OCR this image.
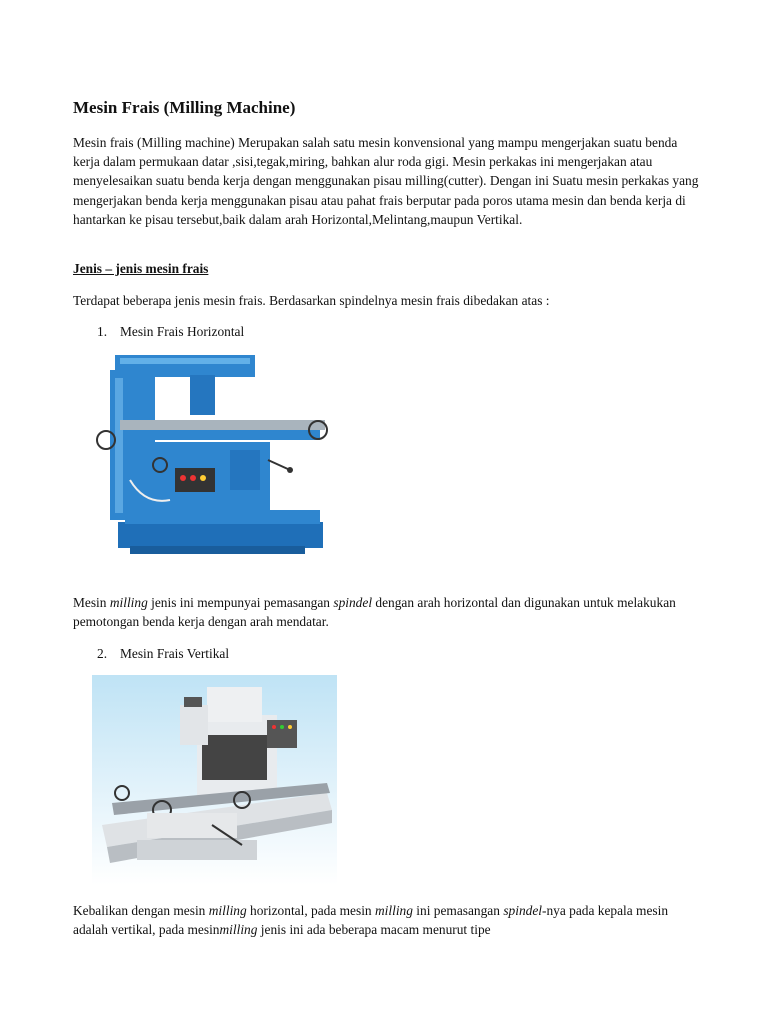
Mesin Frais (Milling Machine)

Mesin frais (Milling machine) Merupakan salah satu mesin konvensional yang mampu mengerjakan suatu benda kerja dalam permukaan datar ,sisi,tegak,miring, bahkan alur roda gigi. Mesin perkakas ini mengerjakan atau menyelesaikan suatu benda kerja dengan menggunakan pisau milling(cutter). Dengan ini Suatu mesin perkakas yang mengerjakan benda kerja menggunakan pisau atau pahat frais berputar pada poros utama mesin dan benda kerja di hantarkan ke pisau tersebut,baik dalam arah Horizontal,Melintang,maupun Vertikal.

Jenis – jenis mesin frais

Terdapat beberapa jenis mesin frais. Berdasarkan spindelnya mesin frais dibedakan atas :

1. Mesin Frais Horizontal

Mesin milling jenis ini mempunyai pemasangan spindel dengan arah horizontal dan digunakan untuk melakukan pemotongan benda kerja dengan arah mendatar.

2. Mesin Frais Vertikal

Kebalikan dengan mesin milling horizontal, pada mesin milling ini pemasangan spindel-nya pada kepala mesin adalah vertikal, pada mesinmilling jenis ini ada beberapa macam menurut tipe
